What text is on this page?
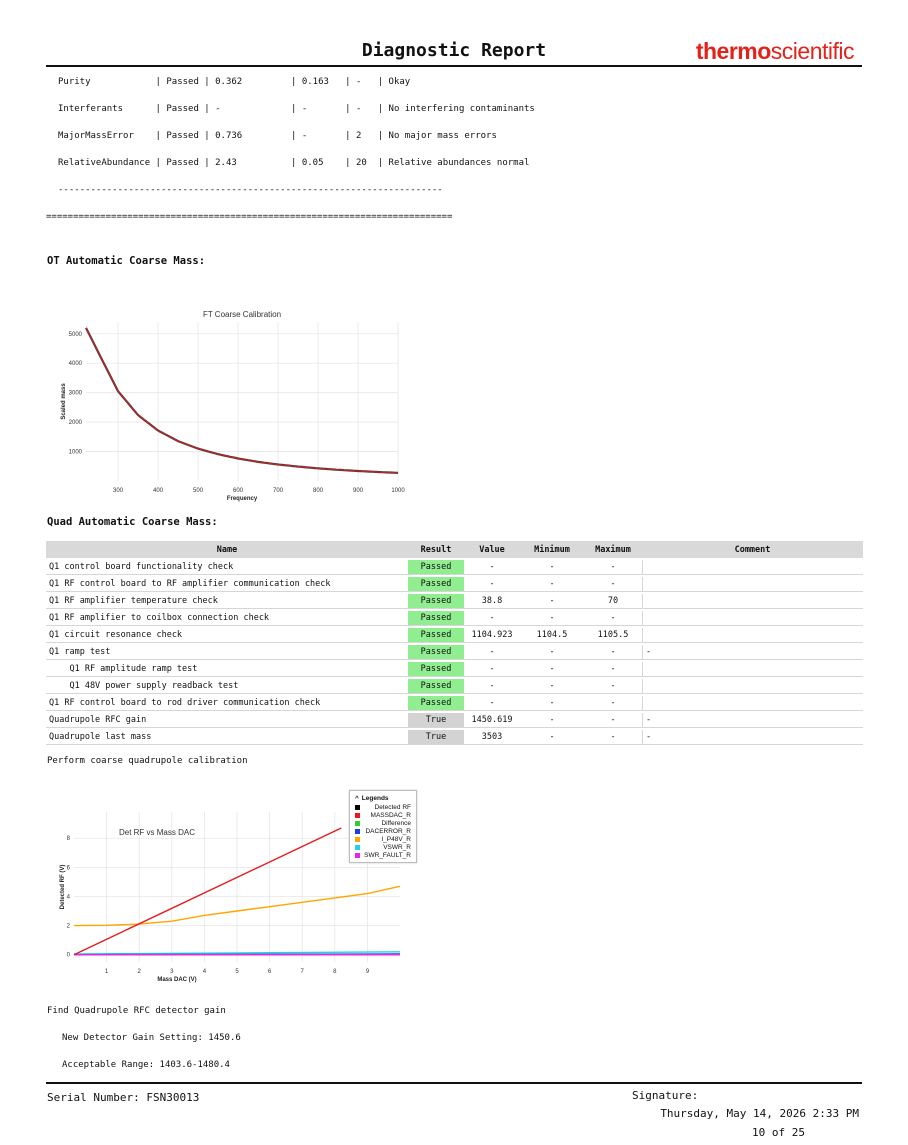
Diagnostic Report	thermoscientific
Purity            | Passed | 0.362         | 0.163   | -   | Okay
Interferants      | Passed | -             | -       | -   | No interfering contaminants
MajorMassError    | Passed | 0.736         | -       | 2   | No major mass errors
RelativeAbundance | Passed | 2.43          | 0.05    | 20  | Relative abundances normal
-----------------------------------------------------------------------
===========================================================================
OT Automatic Coarse Mass:
300	400	500	600	700	800	900	1000
1000
2000
3000
4000
5000
FT Coarse Calibration
Frequency
Scaled mass
Quad Automatic Coarse Mass:
Name	Result	Value	Minimum	Maximum	Comment
Q1 control board functionality check	Passed	-	-	-	
Q1 RF control board to RF amplifier communication check	Passed	-	-	-	
Q1 RF amplifier temperature check	Passed	38.8	-	70	
Q1 RF amplifier to coilbox connection check	Passed	-	-	-	
Q1 circuit resonance check	Passed	1104.923	1104.5	1105.5	
Q1 ramp test	Passed	-	-	-	-
Q1 RF amplitude ramp test	Passed	-	-	-	
Q1 48V power supply readback test	Passed	-	-	-	
Q1 RF control board to rod driver communication check	Passed	-	-	-	
Quadrupole RFC gain	True	1450.619	-	-	-
Quadrupole last mass	True	3503	-	-	-
Perform coarse quadrupole calibration
1	2	3	4	5	6	7	8	9
0
2
4
6
8
Det RF vs Mass DAC
Mass DAC (V)
Detected RF (V)
^ Legends
Detected RF
MASSDAC_R
Difference
DACERROR_R
I_P48V_R
VSWR_R
SWR_FAULT_R
Find Quadrupole RFC detector gain
New Detector Gain Setting: 1450.6
Acceptable Range: 1403.6-1480.4
Serial Number: FSN30013	Signature:
Thursday, May 14, 2026 2:33 PM
10 of 25
